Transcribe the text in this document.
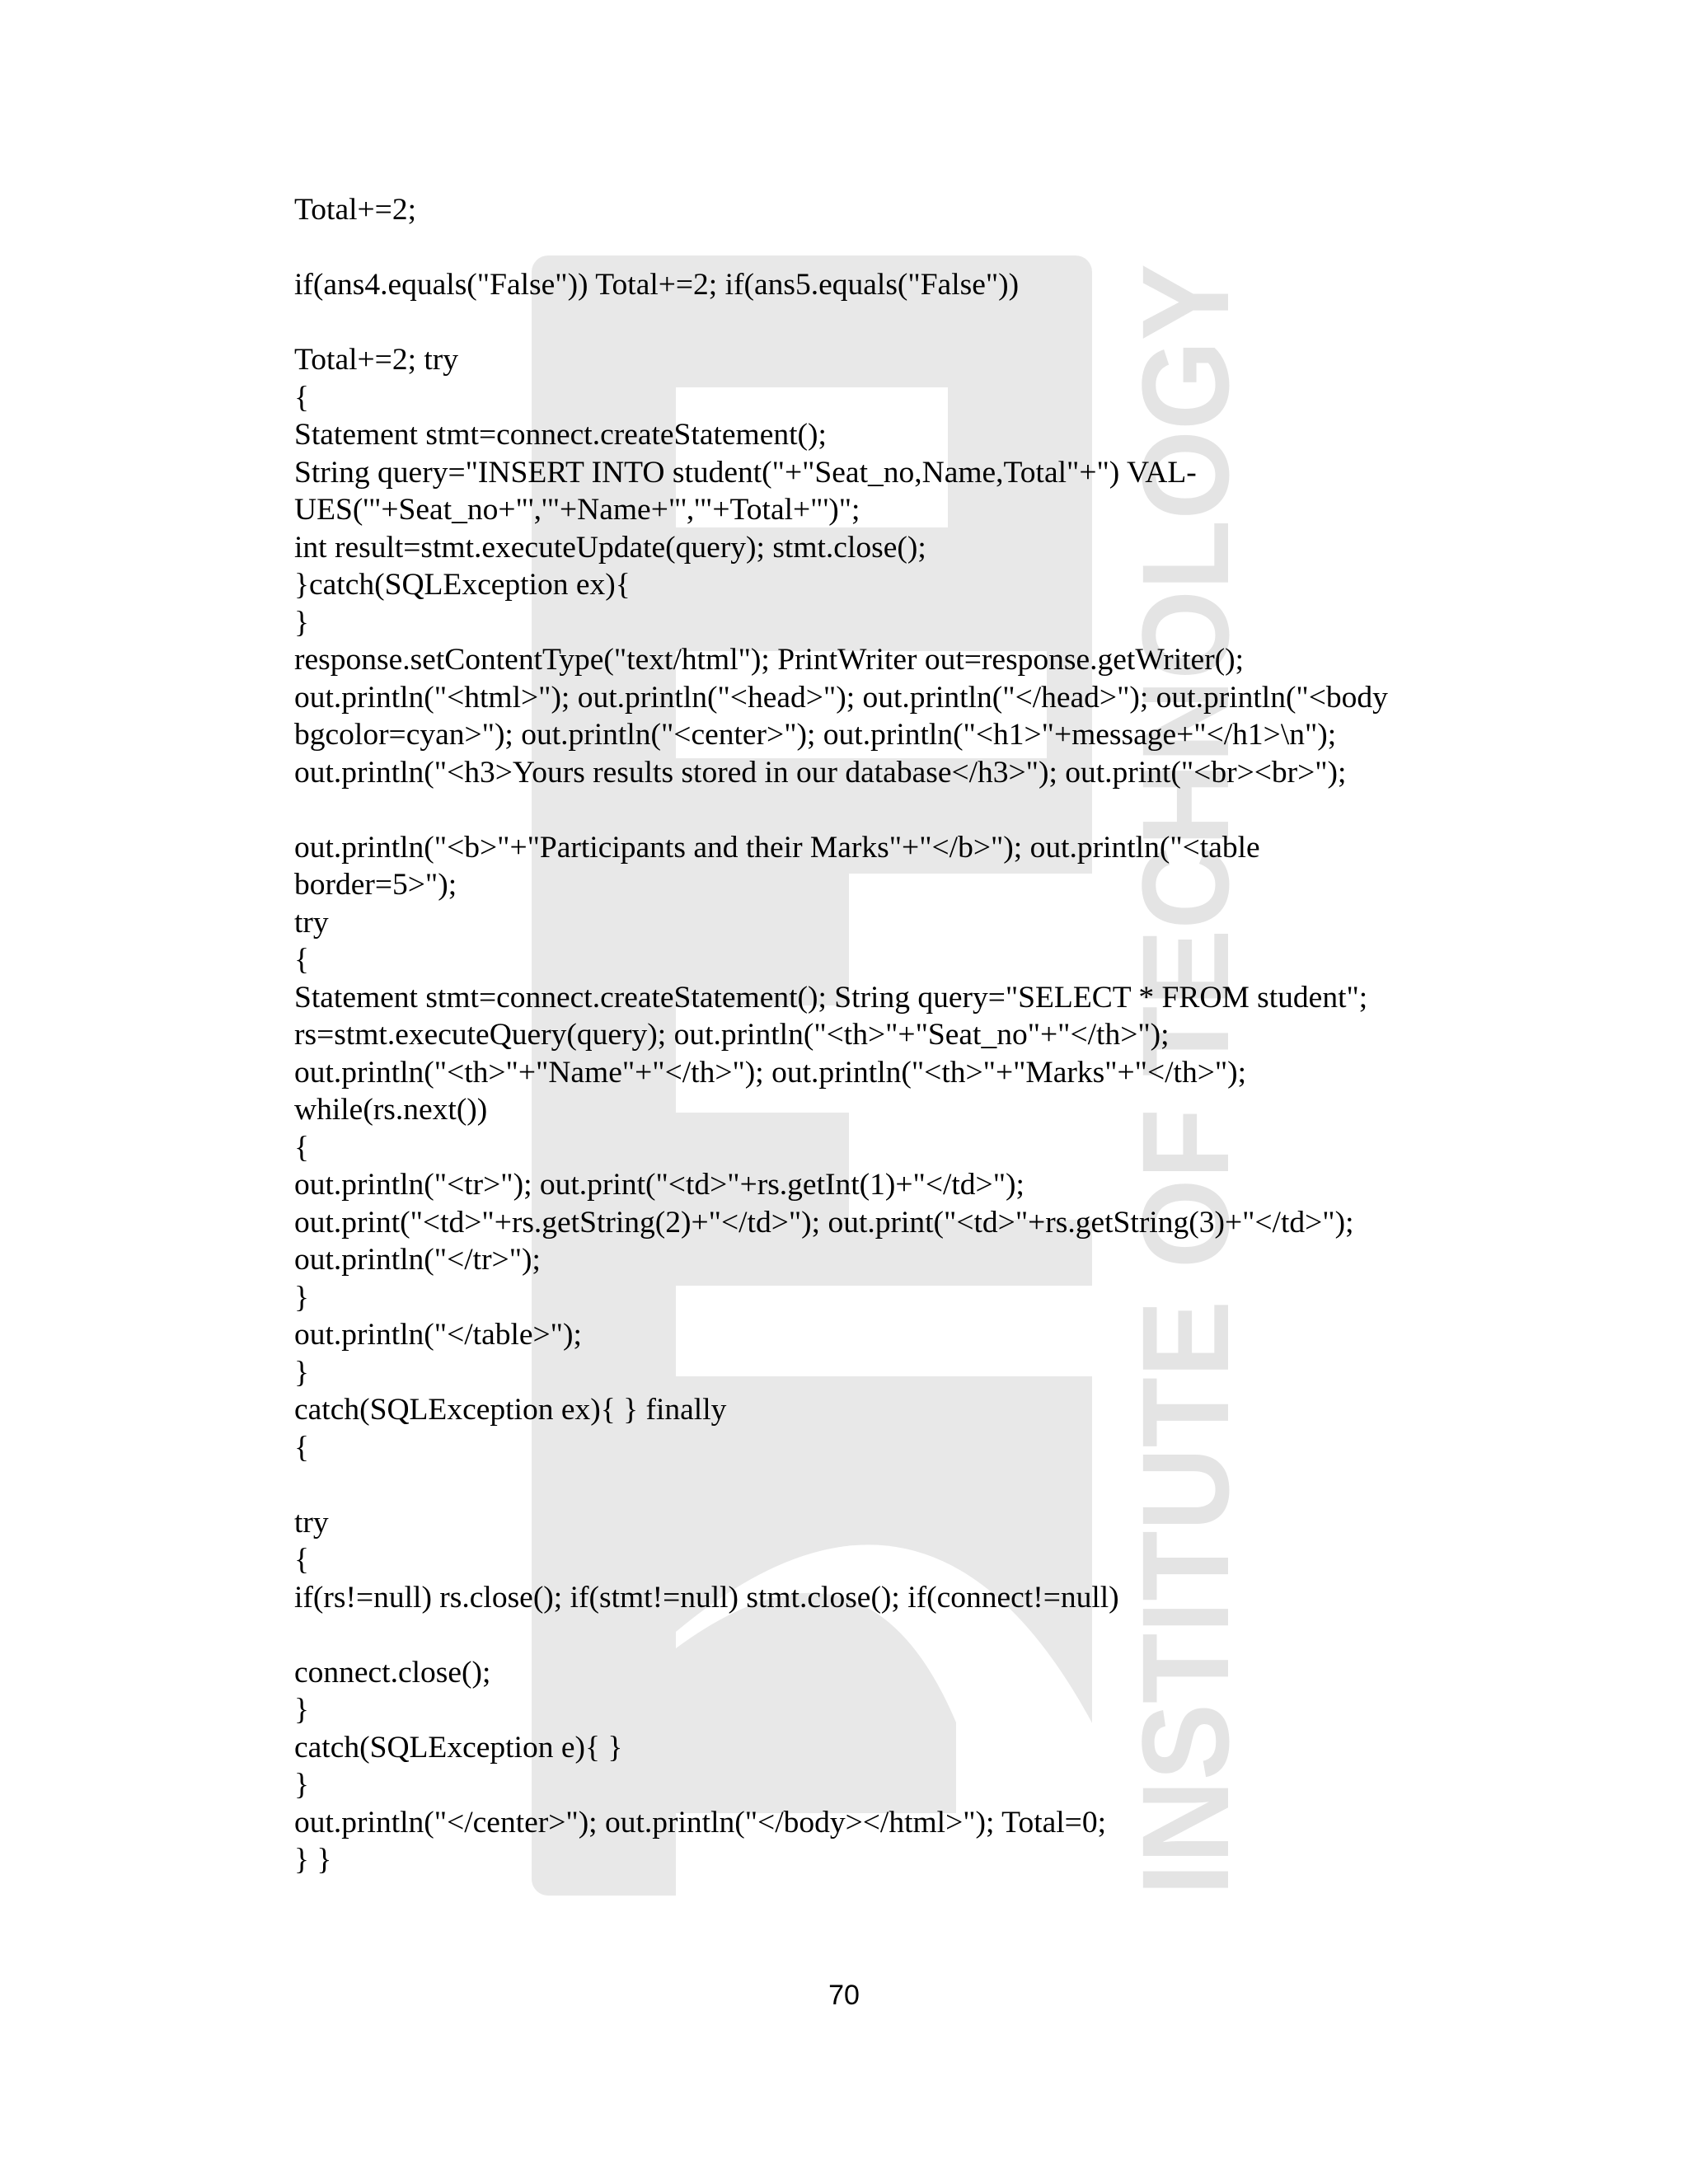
INSTITUTE OF TECHNOLOGY
Total+=2;
if(ans4.equals("False")) Total+=2; if(ans5.equals("False"))
Total+=2; try
{
Statement stmt=connect.createStatement();
String query="INSERT INTO student("+"Seat_no,Name,Total"+") VAL-
UES('"+Seat_no+"','"+Name+"','"+Total+"')";
int result=stmt.executeUpdate(query); stmt.close();
}catch(SQLException ex){
}
response.setContentType("text/html"); PrintWriter out=response.getWriter();
out.println("<html>"); out.println("<head>"); out.println("</head>"); out.println("<body
bgcolor=cyan>"); out.println("<center>"); out.println("<h1>"+message+"</h1>\n");
out.println("<h3>Yours results stored in our database</h3>"); out.print("<br><br>");
out.println("<b>"+"Participants and their Marks"+"</b>"); out.println("<table
border=5>");
try
{
Statement stmt=connect.createStatement(); String query="SELECT * FROM student";
rs=stmt.executeQuery(query); out.println("<th>"+"Seat_no"+"</th>");
out.println("<th>"+"Name"+"</th>"); out.println("<th>"+"Marks"+"</th>");
while(rs.next())
{
out.println("<tr>"); out.print("<td>"+rs.getInt(1)+"</td>");
out.print("<td>"+rs.getString(2)+"</td>"); out.print("<td>"+rs.getString(3)+"</td>");
out.println("</tr>");
}
out.println("</table>");
}
catch(SQLException ex){ } finally
{
try
{
if(rs!=null) rs.close(); if(stmt!=null) stmt.close(); if(connect!=null)
connect.close();
}
catch(SQLException e){ }
}
out.println("</center>"); out.println("</body></html>"); Total=0;
} }
70
